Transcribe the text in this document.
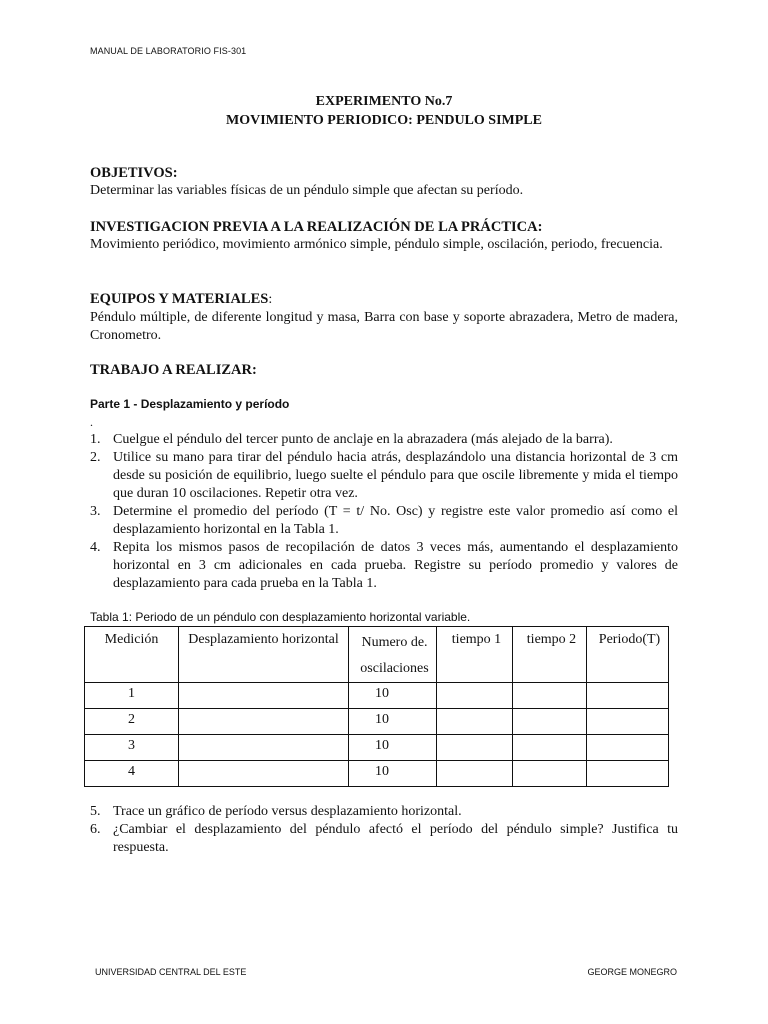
MANUAL DE LABORATORIO FIS-301
EXPERIMENTO No.7
MOVIMIENTO PERIODICO: PENDULO SIMPLE
OBJETIVOS:
Determinar las variables físicas de un péndulo simple que afectan su período.
INVESTIGACION PREVIA A LA REALIZACIÓN DE LA PRÁCTICA:
Movimiento periódico, movimiento armónico simple, péndulo simple, oscilación, periodo, frecuencia.
EQUIPOS Y MATERIALES:
Péndulo múltiple, de diferente longitud y masa, Barra con base y soporte abrazadera, Metro de madera, Cronometro.
TRABAJO A REALIZAR:
Parte 1 - Desplazamiento y período
.
1. Cuelgue el péndulo del tercer punto de anclaje en la abrazadera (más alejado de la barra).
2. Utilice su mano para tirar del péndulo hacia atrás, desplazándolo una distancia horizontal de 3 cm desde su posición de equilibrio, luego suelte el péndulo para que oscile libremente y mida el tiempo que duran 10 oscilaciones. Repetir otra vez.
3. Determine el promedio del período (T = t/ No. Osc) y registre este valor promedio así como el desplazamiento horizontal en la Tabla 1.
4. Repita los mismos pasos de recopilación de datos 3 veces más, aumentando el desplazamiento horizontal en 3 cm adicionales en cada prueba. Registre su período promedio y valores de desplazamiento para cada prueba en la Tabla 1.
Tabla 1: Periodo de un péndulo con desplazamiento horizontal variable.
Medición	Desplazamiento horizontal	Numero de. oscilaciones	tiempo 1	tiempo 2	Periodo(T)

1		10			

2		10			

3		10			

4		10			

5. Trace un gráfico de período versus desplazamiento horizontal.
6. ¿Cambiar el desplazamiento del péndulo afectó el período del péndulo simple? Justifica tu respuesta.
UNIVERSIDAD CENTRAL DEL ESTE	GEORGE MONEGRO
